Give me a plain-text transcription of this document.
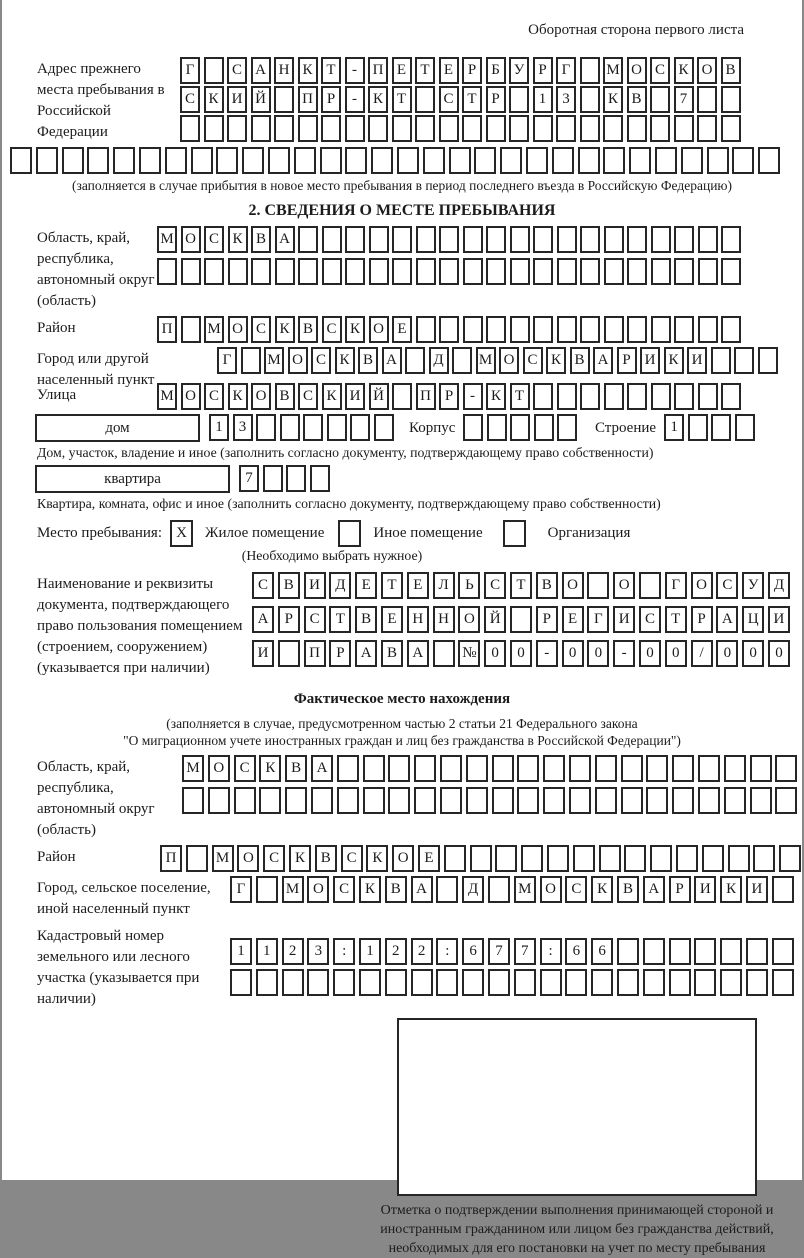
Оборотная сторона первого листа
Адрес прежнего места пребывания в Российской Федерации
Г	С А Н К Т	-	П Е Т Е Р	Б У Р Г	М О С К О В
С К И Й	П Р	-	К Т	С Т Р	1	3	К В	7
(заполняется в случае прибытия в новое место пребывания в период последнего въезда в Российскую Федерацию)
2. СВЕДЕНИЯ О МЕСТЕ ПРЕБЫВАНИЯ
Область, край, республика, автономный округ (область)
М О С К В А
Район	П	М О С К В С К О Е
Город или другой населенный пункт
Г	М О С К В А	Д	М О С К В А Р И К И
Улица	М О С К О В С К И Й	П Р	-	К Т
дом	1	3	Корпус	Строение 1
Дом, участок, владение и иное (заполнить согласно документу, подтверждающему право собственности)
квартира	7
Квартира, комната, офис и иное (заполнить согласно документу, подтверждающему право собственности)
Место пребывания: X	Жилое помещение	Иное помещение	Организация
(Необходимо выбрать нужное)
Наименование и реквизиты документа, подтверждающего право пользования помещением (строением, сооружением) (указывается при наличии)
С	В	И	Д	Е	Т	Е	Л	Ь	С	Т	В	О	О	Г	О	С	У	Д
А	Р	С	Т	В	Е	Н Н О Й	Р	Е	Г	И	С	Т	Р	А Ц И
И	П	Р	А	В	А	№ 0	0	-	0	0	-	0	0	/	0	0	0
Фактическое место нахождения
(заполняется в случае, предусмотренном частью 2 статьи 21 Федерального закона
"О миграционном учете иностранных граждан и лиц без гражданства в Российской Федерации")
Область, край, республика, автономный округ (область)
М О	С	К	В	А
Район	П	М О	С	К	В	С	К	О	Е
Город, сельское поселение, иной населенный пункт
Г	М О	С	К	В	А	Д	М О	С	К	В	А	Р	И	К	И
Кадастровый номер земельного или лесного участка (указывается при наличии)
1	1	2	3	:	1	2	2	:	6	7	7	:	6	6
Отметка о подтверждении выполнения принимающей стороной и иностранным гражданином или лицом без гражданства действий, необходимых для его постановки на учет по месту пребывания
